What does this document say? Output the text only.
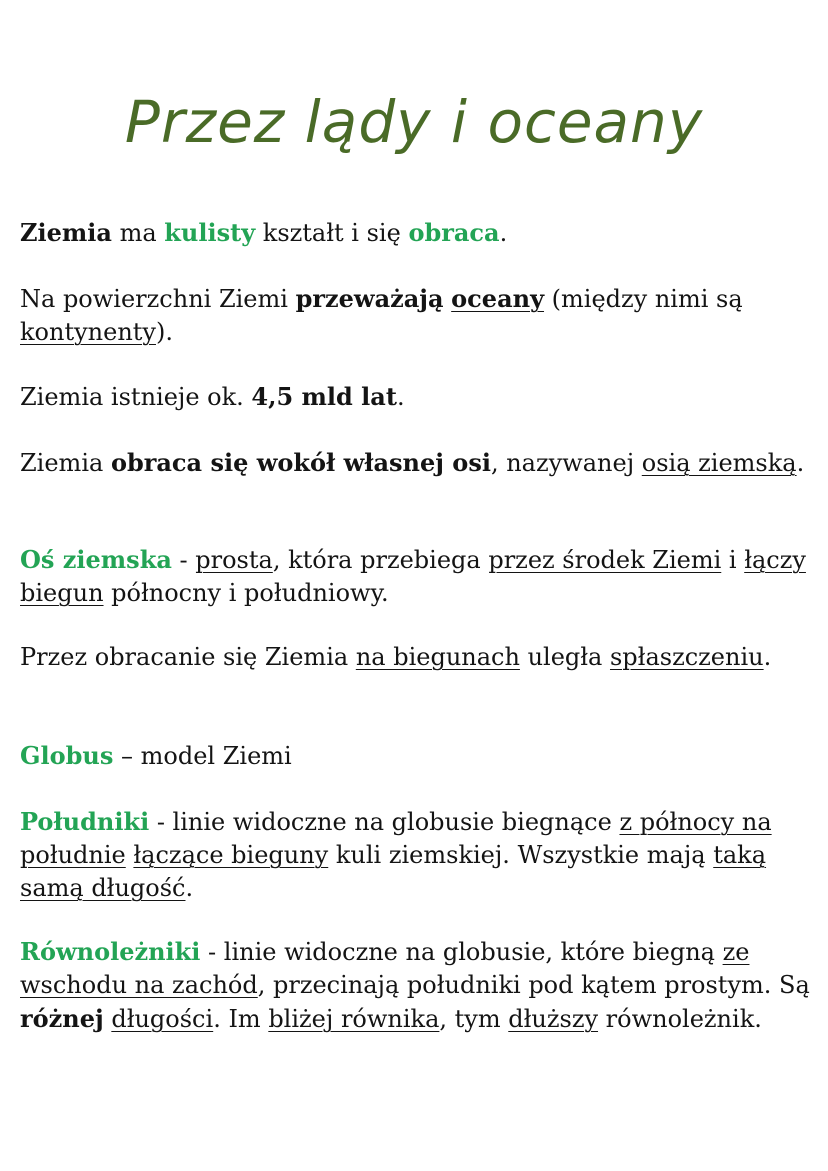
Przez lądy i oceany

Ziemia ma kulisty kształt i się obraca.

Na powierzchni Ziemi przeważają oceany (między nimi są kontynenty).

Ziemia istnieje ok. 4,5 mld lat.

Ziemia obraca się wokół własnej osi, nazywanej osią ziemską.

Oś ziemska - prosta, która przebiega przez środek Ziemi i łączy biegun północny i południowy.

Przez obracanie się Ziemia na biegunach uległa spłaszczeniu.

Globus – model Ziemi

Południki - linie widoczne na globusie biegnące z północy na południe łączące bieguny kuli ziemskiej. Wszystkie mają taką samą długość.

Równoleżniki - linie widoczne na globusie, które biegną ze wschodu na zachód, przecinają południki pod kątem prostym. Są różnej długości. Im bliżej równika, tym dłuższy równoleżnik.
